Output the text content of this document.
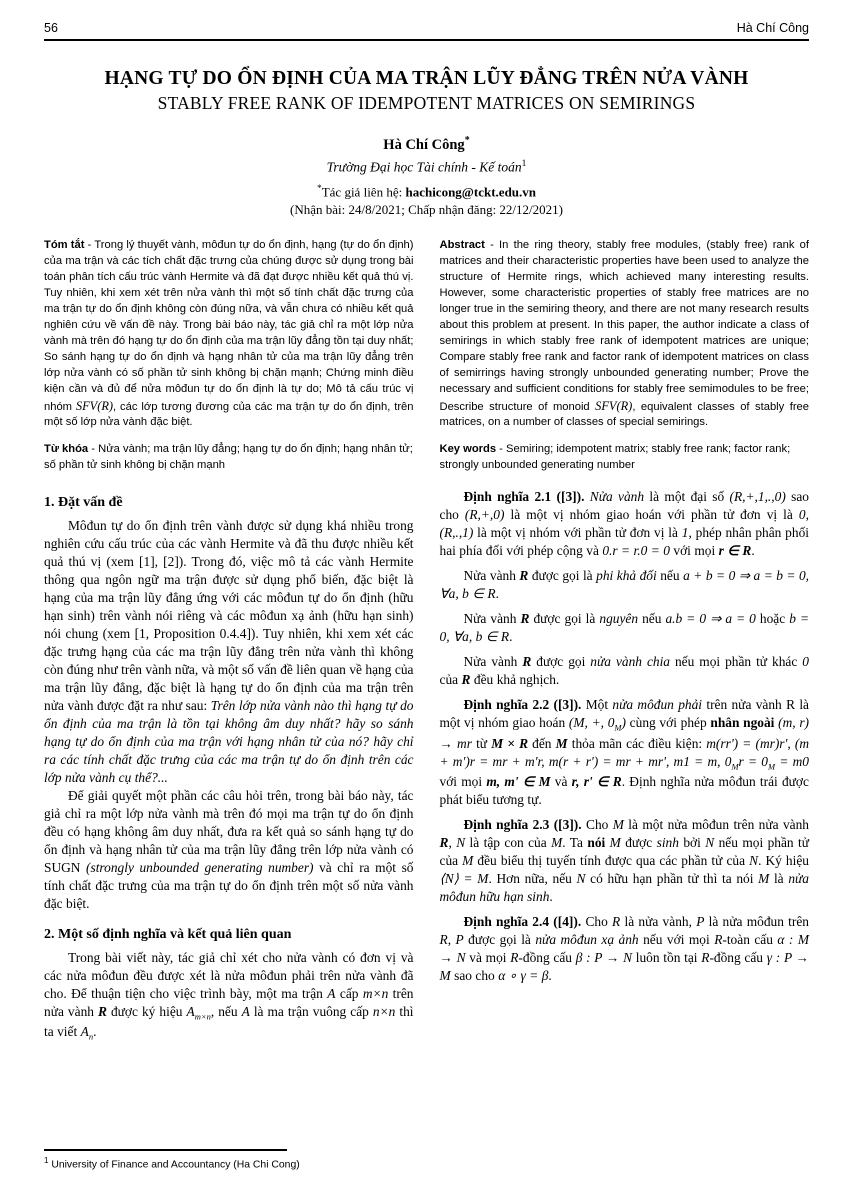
56	Hà Chí Công
HẠNG TỰ DO ỔN ĐỊNH CỦA MA TRẬN LŨY ĐẲNG TRÊN NỬA VÀNH
STABLY FREE RANK OF IDEMPOTENT MATRICES ON SEMIRINGS
Hà Chí Công*
Trường Đại học Tài chính - Kế toán$^1$
*Tác giả liên hệ: hachicong@tckt.edu.vn
(Nhận bài: 24/8/2021; Chấp nhận đăng: 22/12/2021)

Tóm tắt - Trong lý thuyết vành, môđun tự do ổn định, hạng (tự do ổn định) của ma trận và các tích chất đặc trưng của chúng được sử dụng trong bài toán phân tích cấu trúc vành Hermite và đã đạt được nhiều kết quả thú vị. Tuy nhiên, khi xem xét trên nửa vành thì một số tính chất đặc trưng của ma trận tự do ổn định không còn đúng nữa, và vẫn chưa có nhiều kết quả nghiên cứu về vấn đề này. Trong bài báo này, tác giả chỉ ra một lớp nửa vành mà trên đó hạng tự do ổn định của ma trận lũy đẳng tồn tại duy nhất; So sánh hạng tự do ổn định và hạng nhân tử của ma trận lũy đẳng trên lớp nửa vành có số phần tử sinh không bị chặn mạnh; Chứng minh điều kiện cần và đủ để nửa môđun tự do ổn định là tự do; Mô tả cấu trúc vị nhóm SFV(R), các lớp tương đương của các ma trận tự do ổn định, trên một số lớp nửa vành đặc biệt.

Từ khóa - Nửa vành; ma trận lũy đẳng; hạng tự do ổn định; hạng nhân tử; số phần tử sinh không bị chặn mạnh

Abstract - In the ring theory, stably free modules, (stably free) rank of matrices and their characteristic properties have been used to analyze the structure of Hermite rings, which achieved many interesting results. However, some characteristic properties of stably free matrices are no longer true in the semiring theory, and there are not many research results about this problem at present. In this paper, the author indicate a class of semirings in which stably free rank of idempotent matrices are unique; Compare stably free rank and factor rank of idempotent matrices on class of semirrings having strongly unbounded generating number; Prove the necessary and sufficient conditions for stably free semimodules to be free; Describe structure of monoid SFV(R), equivalent classes of stably free matrices, on a number of classes of special semirings.

Key words - Semiring; idempotent matrix; stably free rank; factor rank; strongly unbounded generating number

1. Đặt vấn đề

Môđun tự do ổn định trên vành được sử dụng khá nhiều trong nghiên cứu cấu trúc của các vành Hermite và đã thu được nhiều kết quả thú vị (xem [1], [2]). Trong đó, việc mô tả các vành Hermite thông qua ngôn ngữ ma trận được sử dụng phổ biến, đặc biệt là hạng của ma trận lũy đẳng ứng với các môđun tự do ổn định (hữu hạn sinh) trên vành nói riêng và các môđun xạ ảnh (hữu hạn sinh) nói chung (xem [1, Proposition 0.4.4]). Tuy nhiên, khi xem xét các đặc trưng hạng của các ma trận lũy đẳng trên nửa vành thì không còn đúng như trên vành nữa, và một số vấn đề liên quan về hạng của ma trận lũy đẳng, đặc biệt là hạng tự do ổn định của ma trận trên nửa vành được đặt ra như sau: Trên lớp nửa vành nào thì hạng tự do ổn định của ma trận là tồn tại không âm duy nhất? hãy so sánh hạng tự do ổn định của ma trận với hạng nhân tử của nó? hãy chỉ ra các tính chất đặc trưng của các ma trận tự do ổn định trên các lớp nửa vành cụ thể?...

Để giải quyết một phần các câu hỏi trên, trong bài báo này, tác giả chỉ ra một lớp nửa vành mà trên đó mọi ma trận tự do ổn định đều có hạng không âm duy nhất, đưa ra kết quả so sánh hạng tự do ổn định và hạng nhân tử của ma trận lũy đẳng trên lớp nửa vành có SUGN (strongly unbounded generating number) và chỉ ra một số tính chất đặc trưng của ma trận tự do ổn định trên một số nửa vành đặc biệt.

2. Một số định nghĩa và kết quả liên quan

Trong bài viết này, tác giả chỉ xét cho nửa vành có đơn vị và các nửa môđun đều được xét là nửa môđun phải trên nửa vành đã cho. Để thuận tiện cho việc trình bày, một ma trận A cấp m×n trên nửa vành R được ký hiệu $A_{m\times n}$, nếu A là ma trận vuông cấp n×n thì ta viết $A_n$.

Định nghĩa 2.1 ([3]). Nửa vành là một đại số (R,+,1,.,0) sao cho (R,+,0) là một vị nhóm giao hoán với phần tử đơn vị là 0, (R,.,1) là một vị nhóm với phần tử đơn vị là 1, phép nhân phân phối hai phía đối với phép cộng và 0.r = r.0 = 0 với mọi r ∈ R.

Nửa vành R được gọi là phi khả đối nếu a + b = 0 ⇒ a = b = 0, ∀a, b ∈ R.

Nửa vành R được gọi là nguyên nếu a.b = 0 ⇒ a = 0 hoặc b = 0, ∀a, b ∈ R.

Nửa vành R được gọi nửa vành chia nếu mọi phần tử khác 0 của R đều khả nghịch.

Định nghĩa 2.2 ([3]). Một nửa môđun phải trên nửa vành R là một vị nhóm giao hoán (M, +, $0_M$) cùng với phép nhân ngoài (m, r) → mr từ M × R đến M thỏa mãn các điều kiện: m(rr') = (mr)r', (m + m')r = mr + m'r, m(r + r') = mr + mr', m1 = m, $0_Mr = 0_M = m0$ với mọi m, m' ∈ M và r, r' ∈ R. Định nghĩa nửa môđun trái được phát biểu tương tự.

Định nghĩa 2.3 ([3]). Cho M là một nửa môđun trên nửa vành R, N là tập con của M. Ta nói M được sinh bởi N nếu mọi phần tử của M đều biểu thị tuyến tính được qua các phần tử của N. Ký hiệu ⟨N⟩ = M. Hơn nữa, nếu N có hữu hạn phần tử thì ta nói M là nửa môđun hữu hạn sinh.

Định nghĩa 2.4 ([4]). Cho R là nửa vành, P là nửa môđun trên R, P được gọi là nửa môđun xạ ảnh nếu với mọi R-toàn cấu α : M → N và mọi R-đồng cấu β : P → N luôn tồn tại R-đồng cấu γ : P → M sao cho α ∘ γ = β.

$^1$ University of Finance and Accountancy (Ha Chi Cong)
